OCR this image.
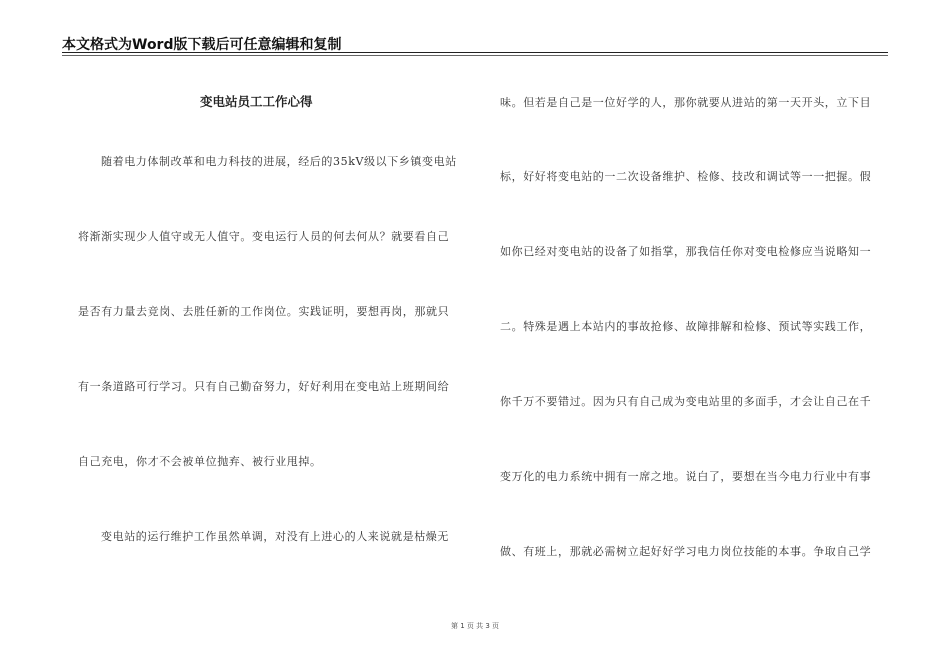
本文格式为Word版下载后可任意编辑和复制
变电站员工工作心得
随着电力体制改革和电力科技的进展，经后的35kV级以下乡镇变电站
将渐渐实现少人值守或无人值守。变电运行人员的何去何从？就要看自己
是否有力量去竞岗、去胜任新的工作岗位。实践证明，要想再岗，那就只
有一条道路可行学习。只有自己勤奋努力，好好利用在变电站上班期间给
自己充电，你才不会被单位抛弃、被行业甩掉。
变电站的运行维护工作虽然单调，对没有上进心的人来说就是枯燥无
味。但若是自己是一位好学的人，那你就要从进站的第一天开头，立下目
标，好好将变电站的一二次设备维护、检修、技改和调试等一一把握。假
如你已经对变电站的设备了如指掌，那我信任你对变电检修应当说略知一
二。特殊是遇上本站内的事故抢修、故障排解和检修、预试等实践工作，
你千万不要错过。因为只有自己成为变电站里的多面手，才会让自己在千
变万化的电力系统中拥有一席之地。说白了，要想在当今电力行业中有事
做、有班上，那就必需树立起好好学习电力岗位技能的本事。争取自己学
第 1 页 共 3 页
